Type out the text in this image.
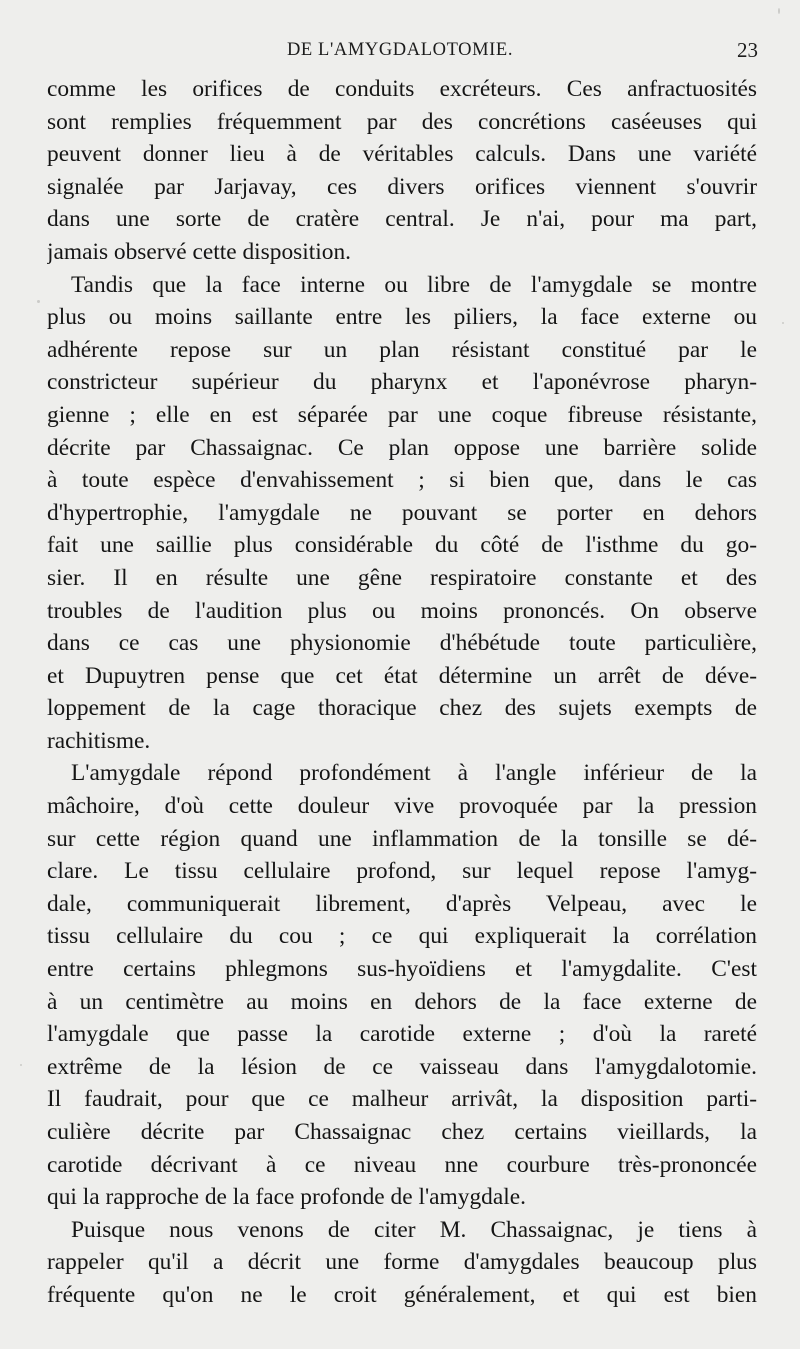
DE L'AMYGDALOTOMIE.	23
comme les orifices de conduits excréteurs. Ces anfractuosités
sont remplies fréquemment par des concrétions caséeuses qui
peuvent donner lieu à de véritables calculs. Dans une variété
signalée par Jarjavay, ces divers orifices viennent s'ouvrir
dans une sorte de cratère central. Je n'ai, pour ma part,
jamais observé cette disposition.
Tandis que la face interne ou libre de l'amygdale se montre
plus ou moins saillante entre les piliers, la face externe ou
adhérente repose sur un plan résistant constitué par le
constricteur supérieur du pharynx et l'aponévrose pharyn-
gienne ; elle en est séparée par une coque fibreuse résistante,
décrite par Chassaignac. Ce plan oppose une barrière solide
à toute espèce d'envahissement ; si bien que, dans le cas
d'hypertrophie, l'amygdale ne pouvant se porter en dehors
fait une saillie plus considérable du côté de l'isthme du go-
sier. Il en résulte une gêne respiratoire constante et des
troubles de l'audition plus ou moins prononcés. On observe
dans ce cas une physionomie d'hébétude toute particulière,
et Dupuytren pense que cet état détermine un arrêt de déve-
loppement de la cage thoracique chez des sujets exempts de
rachitisme.
L'amygdale répond profondément à l'angle inférieur de la
mâchoire, d'où cette douleur vive provoquée par la pression
sur cette région quand une inflammation de la tonsille se dé-
clare. Le tissu cellulaire profond, sur lequel repose l'amyg-
dale, communiquerait librement, d'après Velpeau, avec le
tissu cellulaire du cou ; ce qui expliquerait la corrélation
entre certains phlegmons sus-hyoïdiens et l'amygdalite. C'est
à un centimètre au moins en dehors de la face externe de
l'amygdale que passe la carotide externe ; d'où la rareté
extrême de la lésion de ce vaisseau dans l'amygdalotomie.
Il faudrait, pour que ce malheur arrivât, la disposition parti-
culière décrite par Chassaignac chez certains vieillards, la
carotide décrivant à ce niveau nne courbure très-prononcée
qui la rapproche de la face profonde de l'amygdale.
Puisque nous venons de citer M. Chassaignac, je tiens à
rappeler qu'il a décrit une forme d'amygdales beaucoup plus
fréquente qu'on ne le croit généralement, et qui est bien
